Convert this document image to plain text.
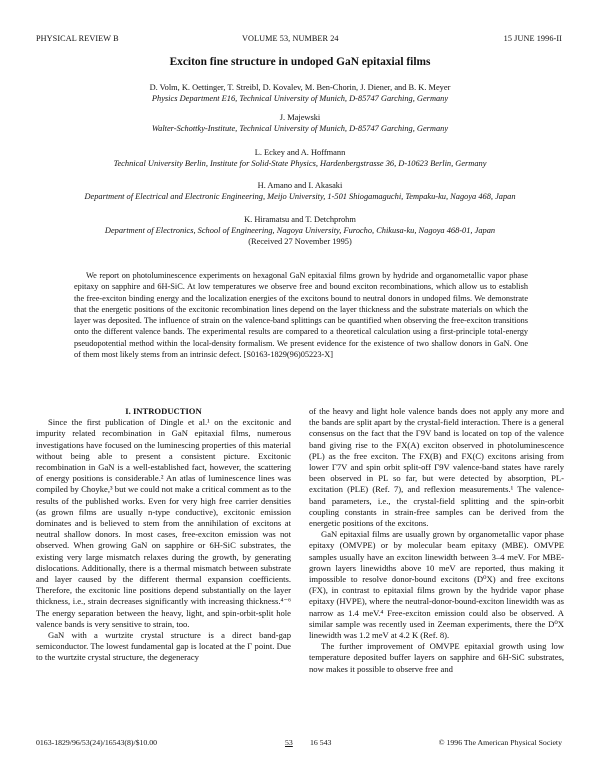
PHYSICAL REVIEW B	VOLUME 53, NUMBER 24	15 JUNE 1996-II
Exciton fine structure in undoped GaN epitaxial films
D. Volm, K. Oettinger, T. Streibl, D. Kovalev, M. Ben-Chorin, J. Diener, and B. K. Meyer
Physics Department E16, Technical University of Munich, D-85747 Garching, Germany
J. Majewski
Walter-Schottky-Institute, Technical University of Munich, D-85747 Garching, Germany
L. Eckey and A. Hoffmann
Technical University Berlin, Institute for Solid-State Physics, Hardenbergstrasse 36, D-10623 Berlin, Germany
H. Amano and I. Akasaki
Department of Electrical and Electronic Engineering, Meijo University, 1-501 Shiogamaguchi, Tempaku-ku, Nagoya 468, Japan
K. Hiramatsu and T. Detchprohm
Department of Electronics, School of Engineering, Nagoya University, Furocho, Chikusa-ku, Nagoya 468-01, Japan
(Received 27 November 1995)
We report on photoluminescence experiments on hexagonal GaN epitaxial films grown by hydride and organometallic vapor phase epitaxy on sapphire and 6H-SiC. At low temperatures we observe free and bound exciton recombinations, which allow us to establish the free-exciton binding energy and the localization energies of the excitons bound to neutral donors in undoped films. We demonstrate that the energetic positions of the excitonic recombination lines depend on the layer thickness and the substrate materials on which the layer was deposited. The influence of strain on the valence-band splittings can be quantified when observing the free-exciton transitions onto the different valence bands. The experimental results are compared to a theoretical calculation using a first-principle total-energy pseudopotential method within the local-density formalism. We present evidence for the existence of two shallow donors in GaN. One of them most likely stems from an intrinsic defect. [S0163-1829(96)05223-X]

I. INTRODUCTION

Since the first publication of Dingle et al.¹ on the excitonic and impurity related recombination in GaN epitaxial films, numerous investigations have focused on the luminescing properties of this material without being able to present a consistent picture. Excitonic recombination in GaN is a well-established fact, however, the scattering of energy positions is considerable.² An atlas of luminescence lines was compiled by Choyke,³ but we could not make a critical comment as to the results of the published works. Even for very high free carrier densities (as grown films are usually n-type conductive), excitonic emission dominates and is believed to stem from the annihilation of excitons at neutral shallow donors. In most cases, free-exciton emission was not observed. When growing GaN on sapphire or 6H-SiC substrates, the existing very large mismatch relaxes during the growth, by generating dislocations. Additionally, there is a thermal mismatch between substrate and layer caused by the different thermal expansion coefficients. Therefore, the excitonic line positions depend substantially on the layer thickness, i.e., strain decreases significantly with increasing thickness.⁴⁻⁶ The energy separation between the heavy, light, and spin-orbit-split hole valence bands is very sensitive to strain, too.

GaN with a wurtzite crystal structure is a direct band-gap semiconductor. The lowest fundamental gap is located at the Γ point. Due to the wurtzite crystal structure, the degeneracy

of the heavy and light hole valence bands does not apply any more and the bands are split apart by the crystal-field interaction. There is a general consensus on the fact that the Γ9V band is located on top of the valence band giving rise to the FX(A) exciton observed in photoluminescence (PL) as the free exciton. The FX(B) and FX(C) excitons arising from lower Γ7V and spin orbit split-off Γ9V valence-band states have rarely been observed in PL so far, but were detected by absorption, PL-excitation (PLE) (Ref. 7), and reflexion measurements.¹ The valence-band parameters, i.e., the crystal-field splitting and the spin-orbit coupling constants in strain-free samples can be derived from the energetic positions of the excitons.

GaN epitaxial films are usually grown by organometallic vapor phase epitaxy (OMVPE) or by molecular beam epitaxy (MBE). OMVPE samples usually have an exciton linewidth between 3–4 meV. For MBE-grown layers linewidths above 10 meV are reported, thus making it impossible to resolve donor-bound excitons (D⁰X) and free excitons (FX), in contrast to epitaxial films grown by the hydride vapor phase epitaxy (HVPE), where the neutral-donor-bound-exciton linewidth was as narrow as 1.4 meV.⁴ Free-exciton emission could also be observed. A similar sample was recently used in Zeeman experiments, there the D⁰X linewidth was 1.2 meV at 4.2 K (Ref. 8).

The further improvement of OMVPE epitaxial growth using low temperature deposited buffer layers on sapphire and 6H-SiC substrates, now makes it possible to observe free and

0163-1829/96/53(24)/16543(8)/$10.00	53 16 543	© 1996 The American Physical Society
